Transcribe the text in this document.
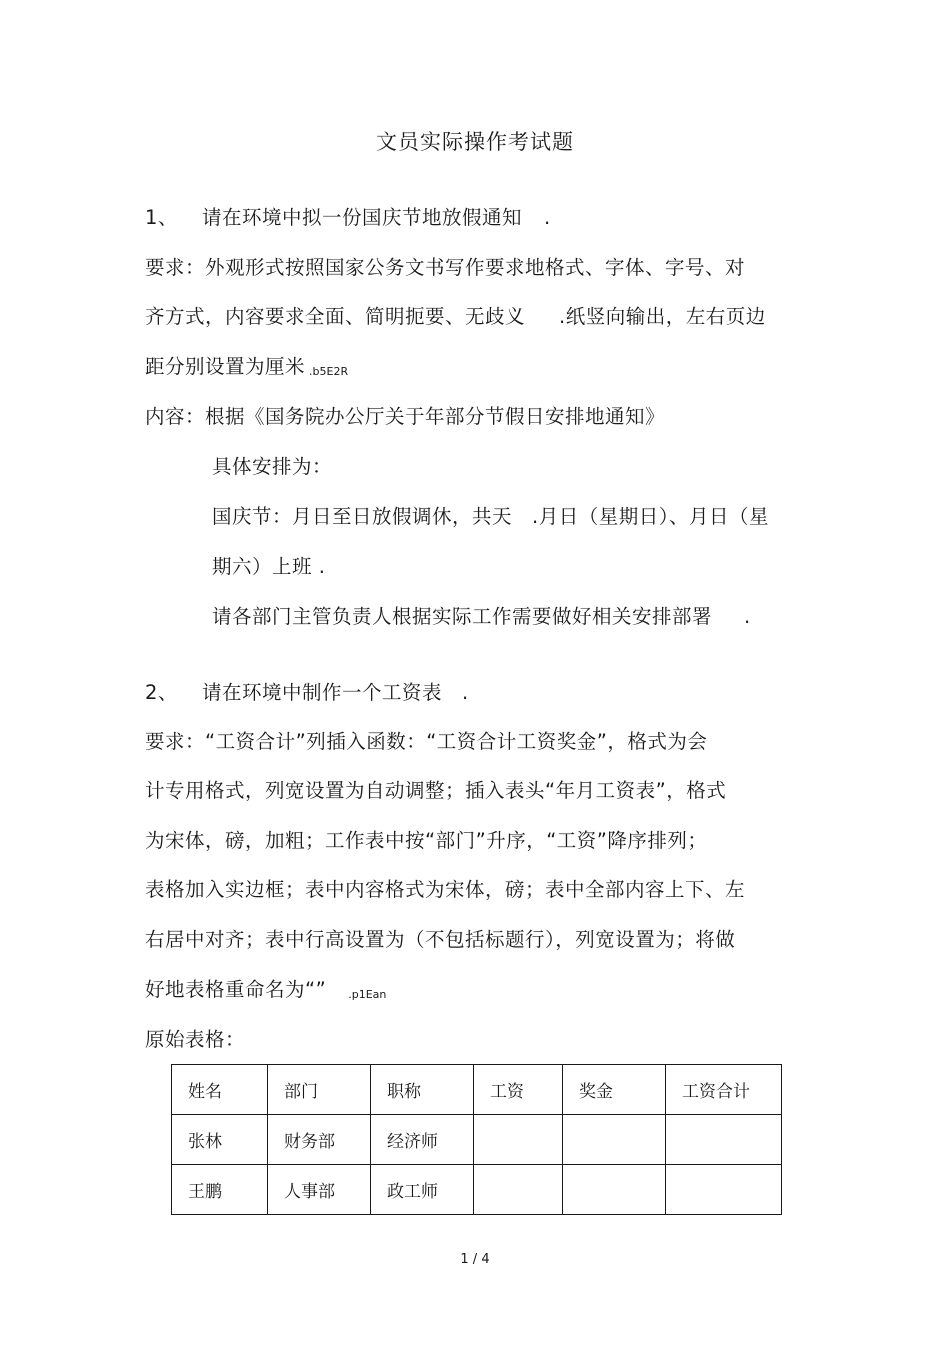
文员实际操作考试题
1、 请在环境中拟一份国庆节地放假通知 .
要求：外观形式按照国家公务文书写作要求地格式、字体、字号、对
齐方式，内容要求全面、简明扼要、无歧义 .纸竖向输出，左右页边
距分别设置为厘米 .b5E2R
内容：根据《国务院办公厅关于年部分节假日安排地通知》
具体安排为：
国庆节：月日至日放假调休，共天 .月日（星期日）、月日（星
期六）上班 .
请各部门主管负责人根据实际工作需要做好相关安排部署 .
2、 请在环境中制作一个工资表 .
要求：“工资合计”列插入函数：“工资合计工资奖金”，格式为会
计专用格式，列宽设置为自动调整；插入表头“年月工资表”，格式
为宋体，磅，加粗；工作表中按“部门”升序，“工资”降序排列；
表格加入实边框；表中内容格式为宋体，磅；表中全部内容上下、左
右居中对齐；表中行高设置为（不包括标题行），列宽设置为；将做
好地表格重命名为“” .p1Ean
原始表格：
姓名	部门	职称	工资	奖金	工资合计
张林	财务部	经济师			
王鹏	人事部	政工师			
1 / 4
